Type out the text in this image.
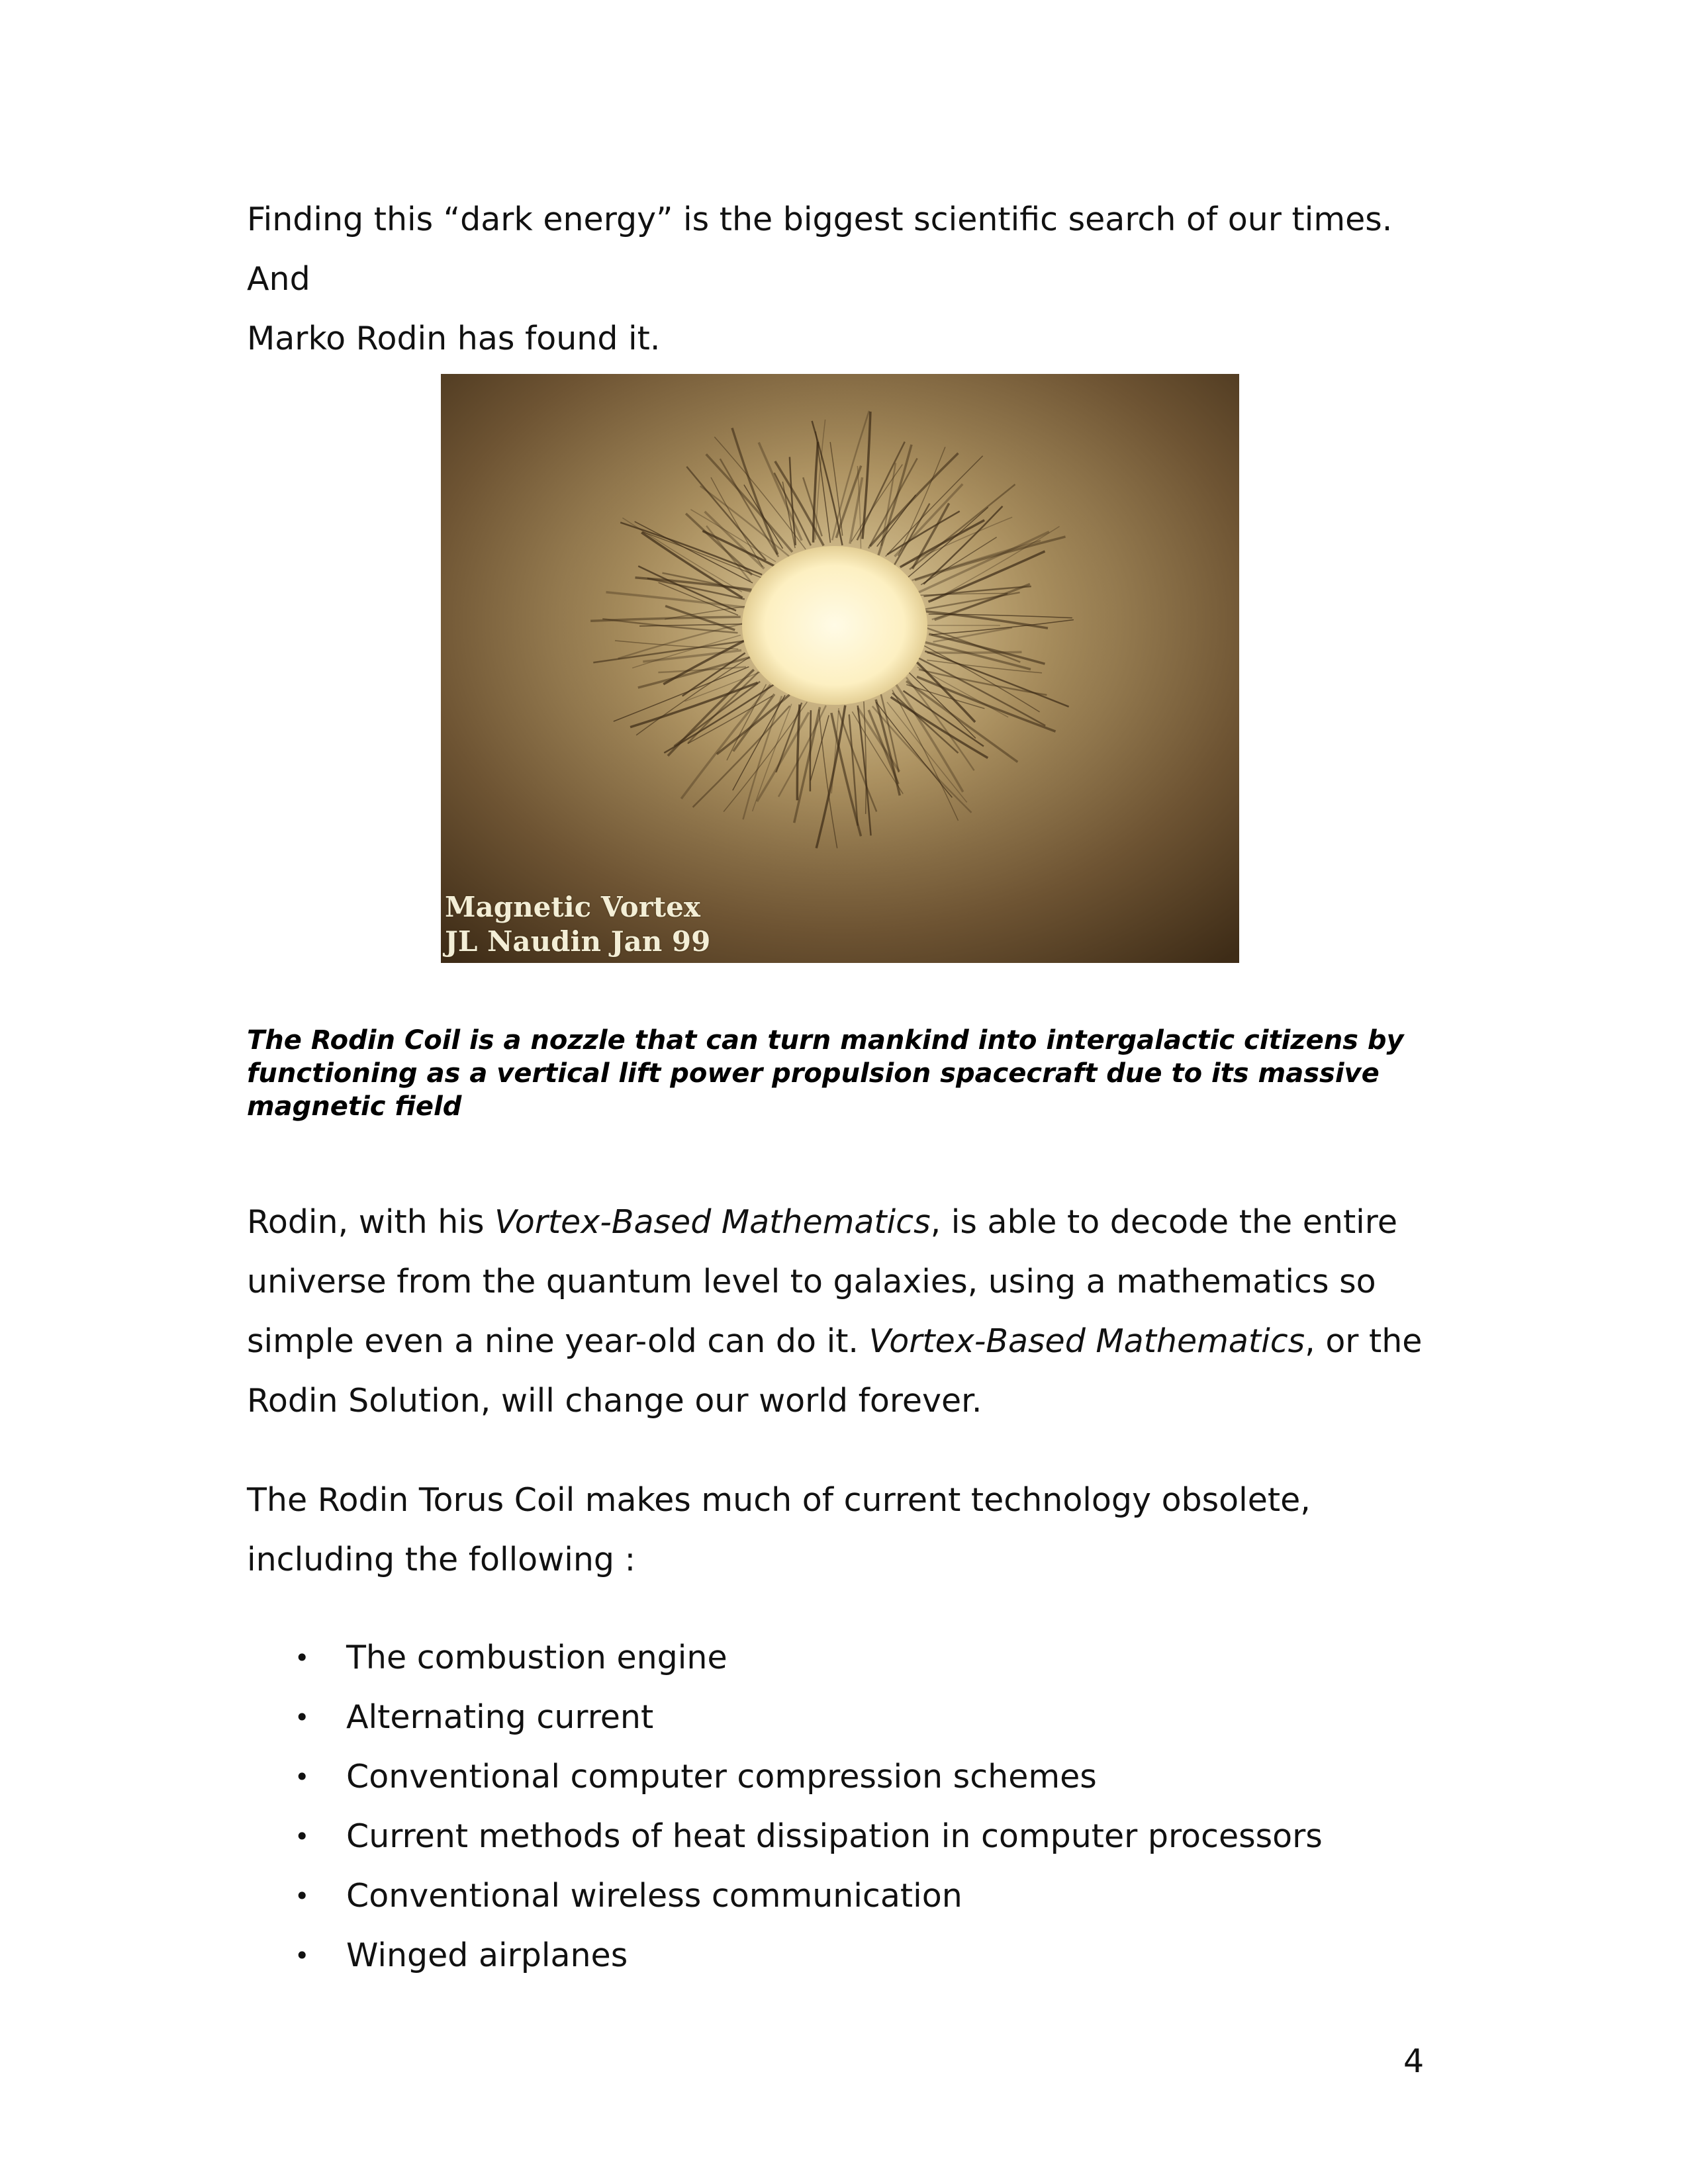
Finding this “dark energy” is the biggest scientific search of our times. And
Marko Rodin has found it.

Magnetic Vortex
JL Naudin Jan 99

The Rodin Coil is a nozzle that can turn mankind into intergalactic citizens by functioning as a vertical lift power propulsion spacecraft due to its massive magnetic field

Rodin, with his Vortex-Based Mathematics, is able to decode the entire universe from the quantum level to galaxies, using a mathematics so simple even a nine year-old can do it. Vortex-Based Mathematics, or the Rodin Solution, will change our world forever.

The Rodin Torus Coil makes much of current technology obsolete, including the following :

• The combustion engine
• Alternating current
• Conventional computer compression schemes
• Current methods of heat dissipation in computer processors
• Conventional wireless communication
• Winged airplanes
4
